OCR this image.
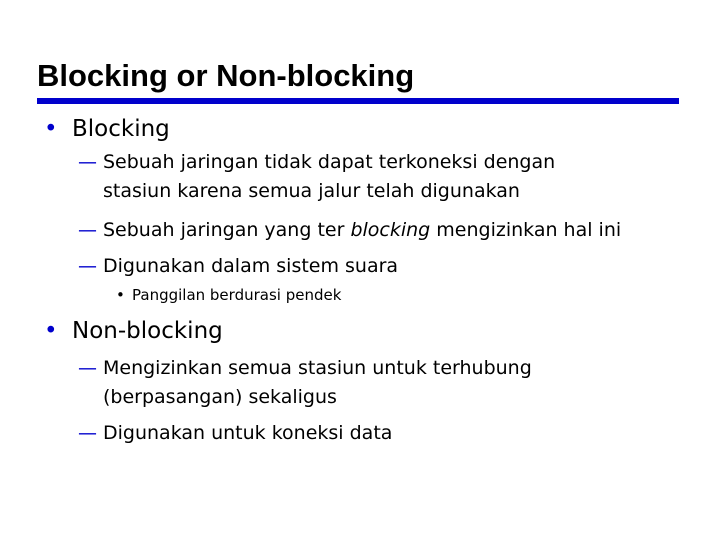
Blocking or Non-blocking
• Blocking
— Sebuah jaringan tidak dapat terkoneksi dengan
stasiun karena semua jalur telah digunakan
— Sebuah jaringan yang ter blocking mengizinkan hal ini
— Digunakan dalam sistem suara
• Panggilan berdurasi pendek
• Non-blocking
— Mengizinkan semua stasiun untuk terhubung
(berpasangan) sekaligus
— Digunakan untuk koneksi data
